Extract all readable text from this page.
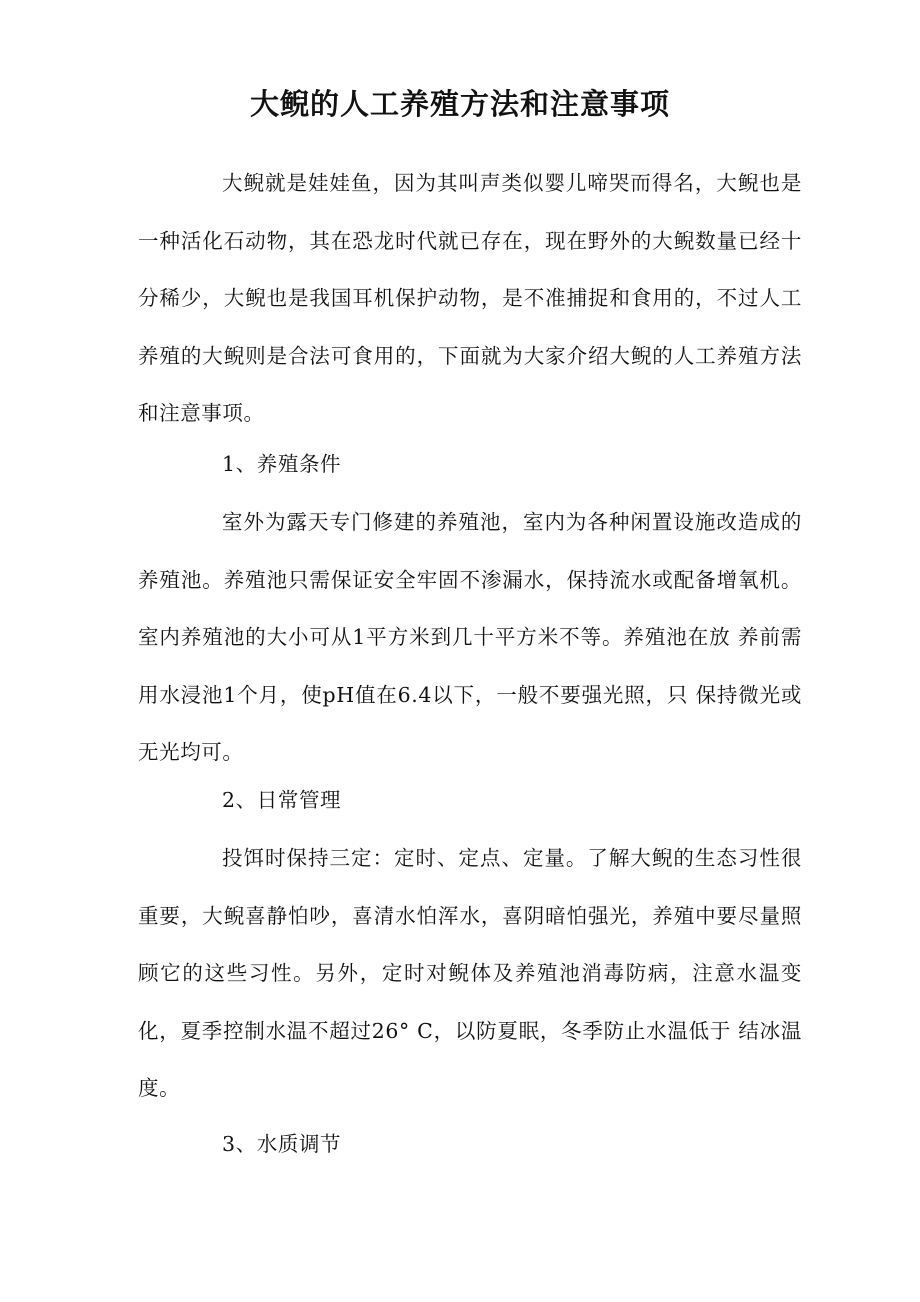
大鲵的人工养殖方法和注意事项

大鲵就是娃娃鱼，因为其叫声类似婴儿啼哭而得名，大鲵也是一种活化石动物，其在恐龙时代就已存在，现在野外的大鲵数量已经十分稀少，大鲵也是我国耳机保护动物，是不准捕捉和食用的，不过人工养殖的大鲵则是合法可食用的，下面就为大家介绍大鲵的人工养殖方法和注意事项。

1、养殖条件

室外为露天专门修建的养殖池，室内为各种闲置设施改造成的养殖池。养殖池只需保证安全牢固不渗漏水，保持流水或配备增氧机。室内养殖池的大小可从1平方米到几十平方米不等。养殖池在放 养前需用水浸池1个月，使pH值在6.4以下，一般不要强光照，只 保持微光或无光均可。

2、日常管理

投饵时保持三定：定时、定点、定量。了解大鲵的生态习性很重要，大鲵喜静怕吵，喜清水怕浑水，喜阴暗怕强光，养殖中要尽量照顾它的这些习性。另外，定时对鲵体及养殖池消毒防病，注意水温变化，夏季控制水温不超过26° C，以防夏眠，冬季防止水温低于 结冰温度。

3、水质调节
